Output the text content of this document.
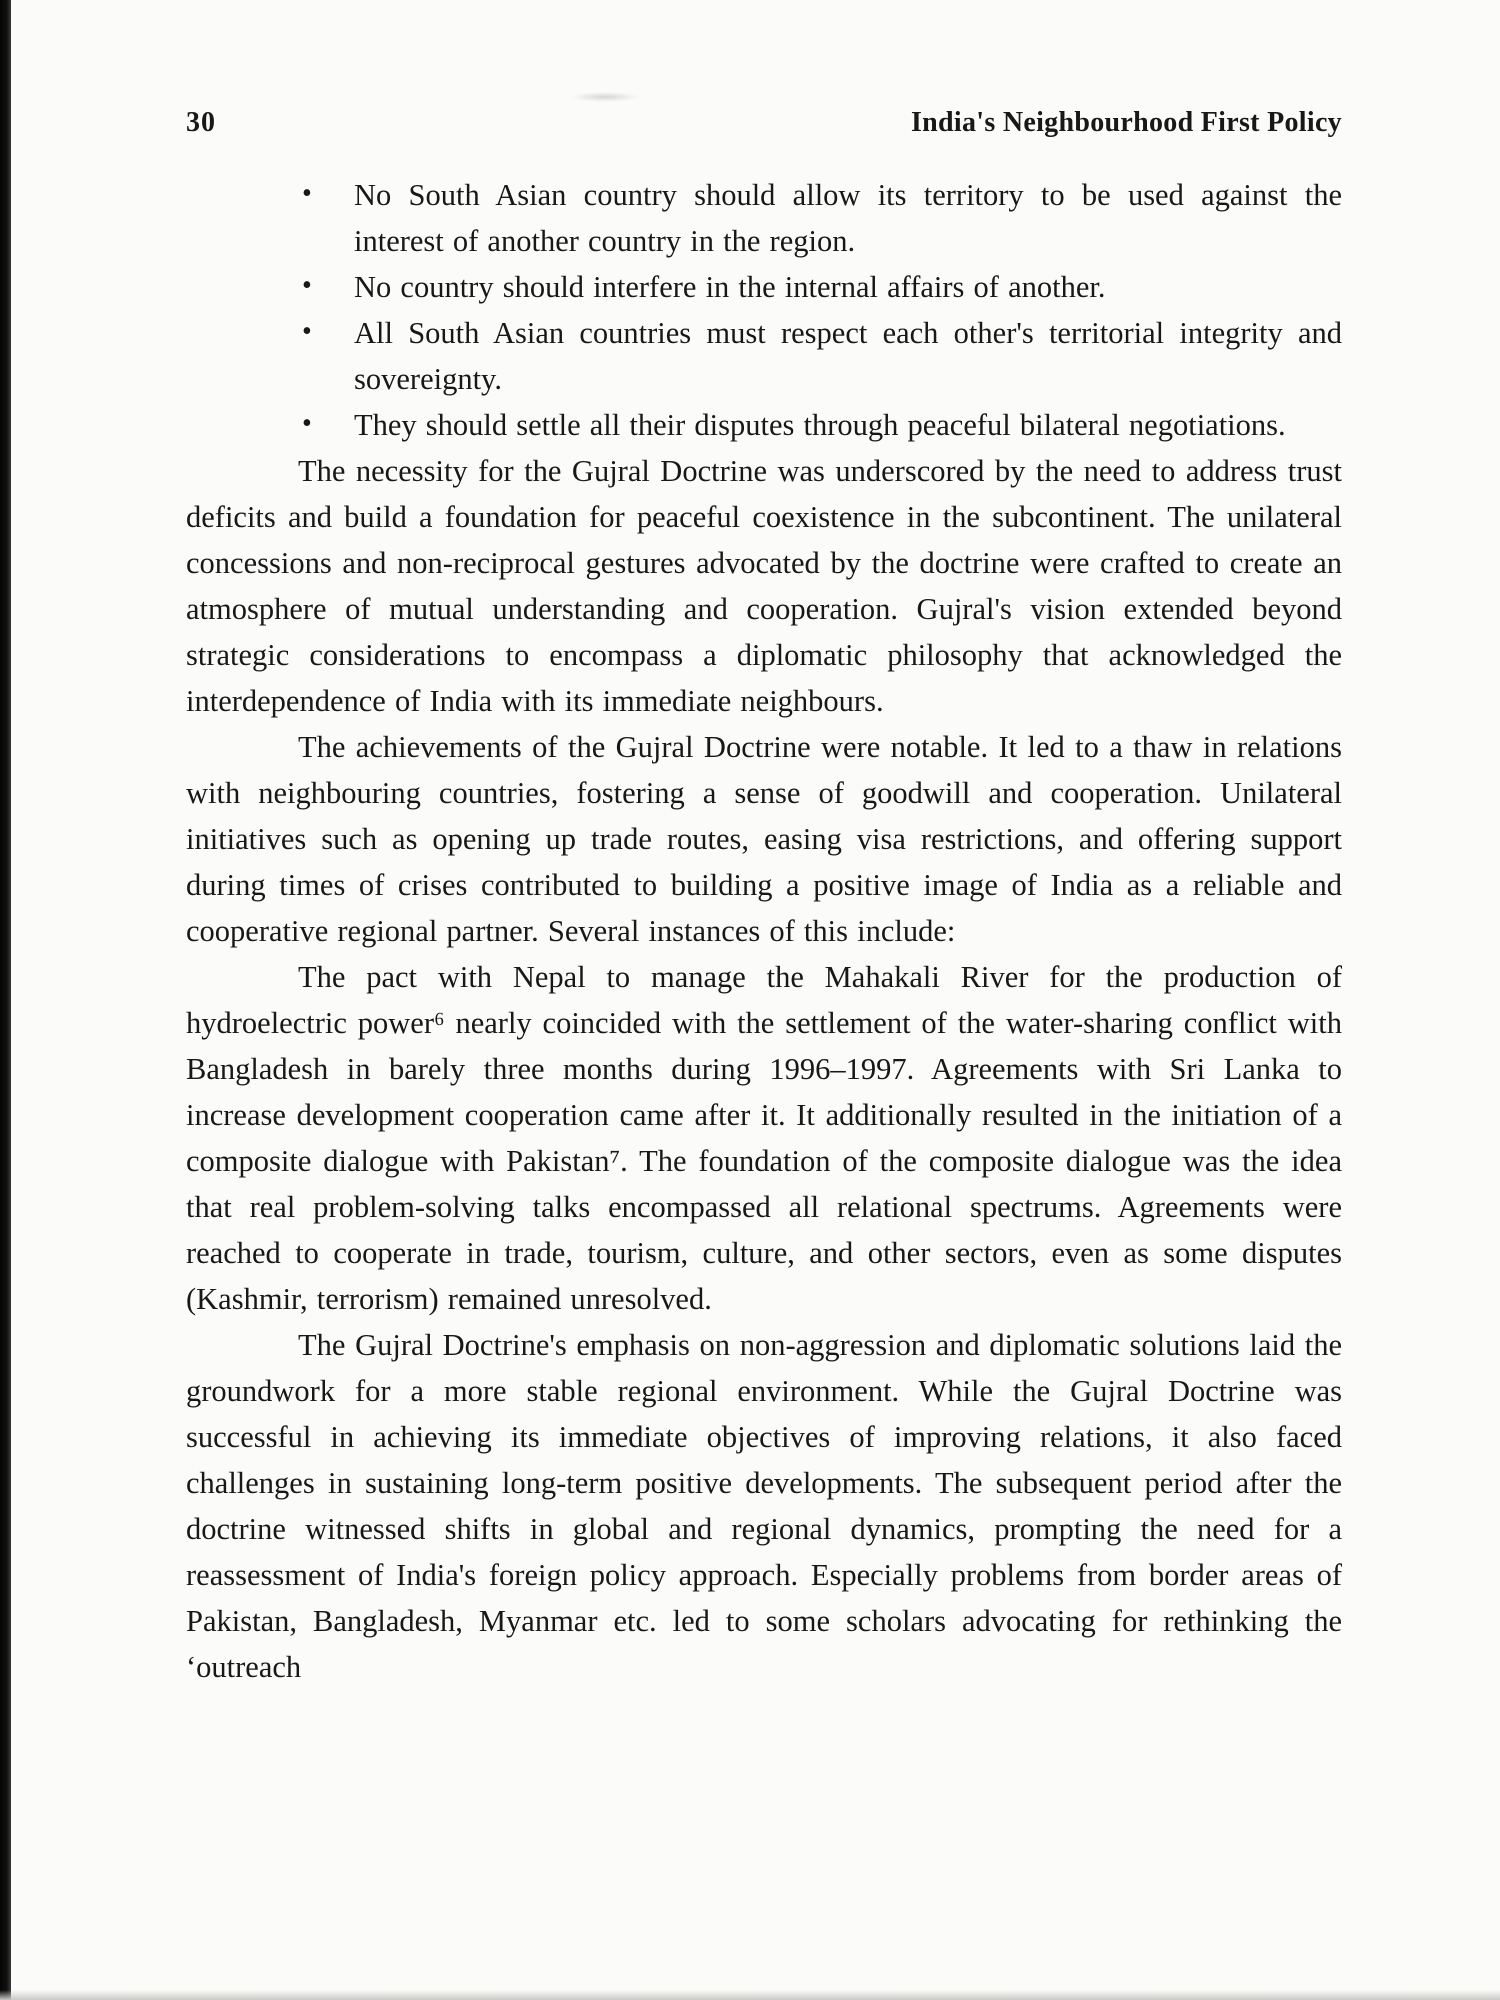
30	India's Neighbourhood First Policy
• No South Asian country should allow its territory to be used against the interest of another country in the region.
• No country should interfere in the internal affairs of another.
• All South Asian countries must respect each other's territorial integrity and sovereignty.
• They should settle all their disputes through peaceful bilateral negotiations.

The necessity for the Gujral Doctrine was underscored by the need to address trust deficits and build a foundation for peaceful coexistence in the subcontinent. The unilateral concessions and non-reciprocal gestures advocated by the doctrine were crafted to create an atmosphere of mutual understanding and cooperation. Gujral's vision extended beyond strategic considerations to encompass a diplomatic philosophy that acknowledged the interdependence of India with its immediate neighbours.

The achievements of the Gujral Doctrine were notable. It led to a thaw in relations with neighbouring countries, fostering a sense of goodwill and cooperation. Unilateral initiatives such as opening up trade routes, easing visa restrictions, and offering support during times of crises contributed to building a positive image of India as a reliable and cooperative regional partner. Several instances of this include:

The pact with Nepal to manage the Mahakali River for the production of hydroelectric power⁶ nearly coincided with the settlement of the water-sharing conflict with Bangladesh in barely three months during 1996–1997. Agreements with Sri Lanka to increase development cooperation came after it. It additionally resulted in the initiation of a composite dialogue with Pakistan⁷. The foundation of the composite dialogue was the idea that real problem-solving talks encompassed all relational spectrums. Agreements were reached to cooperate in trade, tourism, culture, and other sectors, even as some disputes (Kashmir, terrorism) remained unresolved.

The Gujral Doctrine's emphasis on non-aggression and diplomatic solutions laid the groundwork for a more stable regional environment. While the Gujral Doctrine was successful in achieving its immediate objectives of improving relations, it also faced challenges in sustaining long-term positive developments. The subsequent period after the doctrine witnessed shifts in global and regional dynamics, prompting the need for a reassessment of India's foreign policy approach. Especially problems from border areas of Pakistan, Bangladesh, Myanmar etc. led to some scholars advocating for rethinking the ‘outreach
